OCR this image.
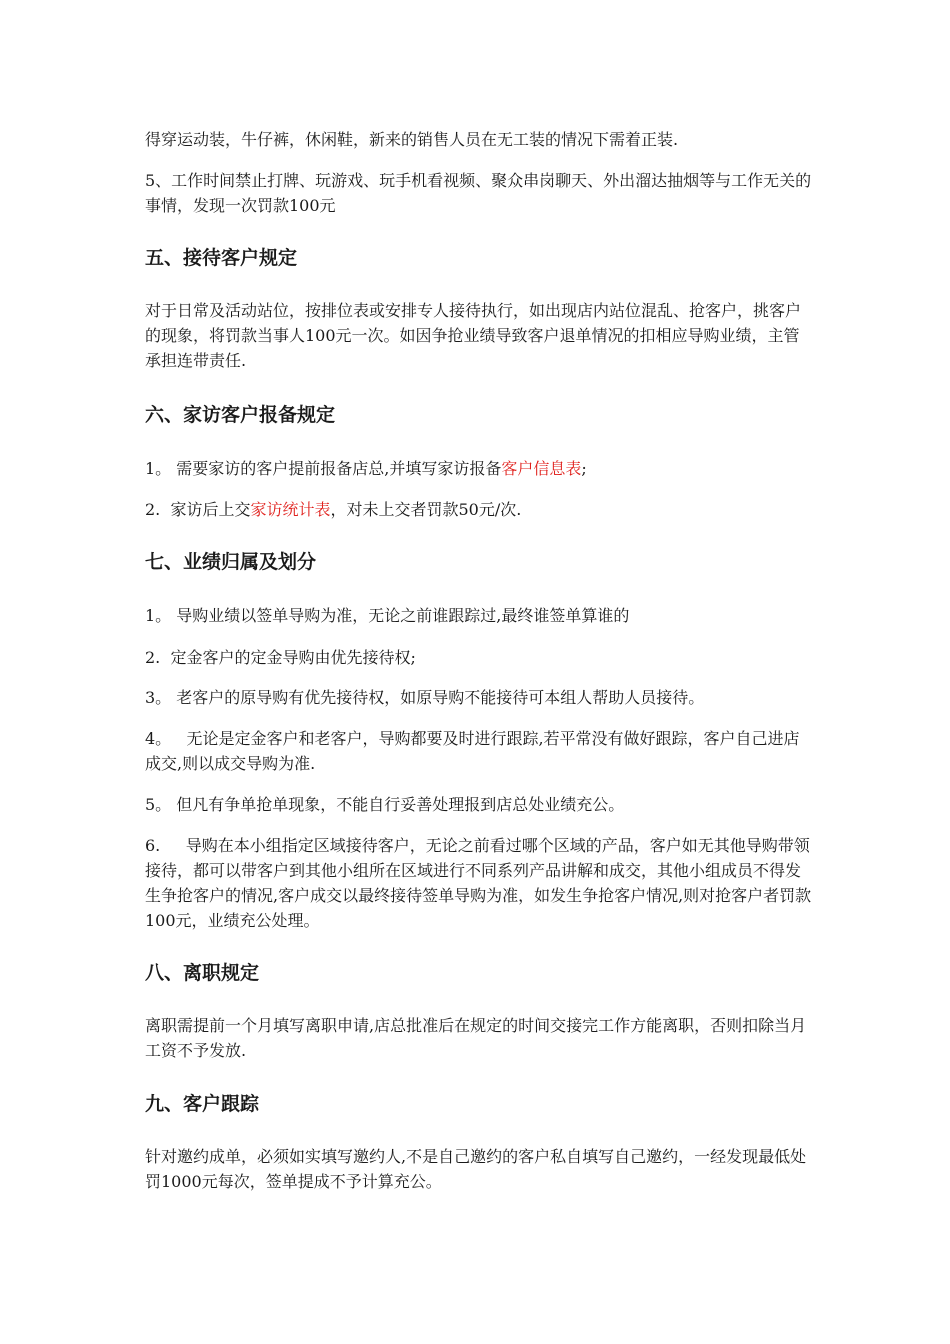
得穿运动装，牛仔裤，休闲鞋，新来的销售人员在无工装的情况下需着正装.

5、工作时间禁止打牌、玩游戏、玩手机看视频、聚众串岗聊天、外出溜达抽烟等与工作无关的事情，发现一次罚款100元

五、接待客户规定

对于日常及活动站位，按排位表或安排专人接待执行，如出现店内站位混乱、抢客户，挑客户的现象，将罚款当事人100元一次。如因争抢业绩导致客户退单情况的扣相应导购业绩，主管承担连带责任.

六、家访客户报备规定

1。 需要家访的客户提前报备店总,并填写家访报备客户信息表;

2.  家访后上交家访统计表，对未上交者罚款50元/次.

七、业绩归属及划分

1。 导购业绩以签单导购为准，无论之前谁跟踪过,最终谁签单算谁的

2.  定金客户的定金导购由优先接待权;

3。 老客户的原导购有优先接待权，如原导购不能接待可本组人帮助人员接待。

4。   无论是定金客户和老客户，导购都要及时进行跟踪,若平常没有做好跟踪，客户自己进店成交,则以成交导购为准.

5。 但凡有争单抢单现象，不能自行妥善处理报到店总处业绩充公。

6.     导购在本小组指定区域接待客户，无论之前看过哪个区域的产品，客户如无其他导购带领接待，都可以带客户到其他小组所在区域进行不同系列产品讲解和成交，其他小组成员不得发生争抢客户的情况,客户成交以最终接待签单导购为准，如发生争抢客户情况,则对抢客户者罚款100元，业绩充公处理。

八、离职规定

离职需提前一个月填写离职申请,店总批准后在规定的时间交接完工作方能离职，否则扣除当月工资不予发放.

九、客户跟踪

针对邀约成单，必须如实填写邀约人,不是自己邀约的客户私自填写自己邀约，一经发现最低处罚1000元每次，签单提成不予计算充公。
